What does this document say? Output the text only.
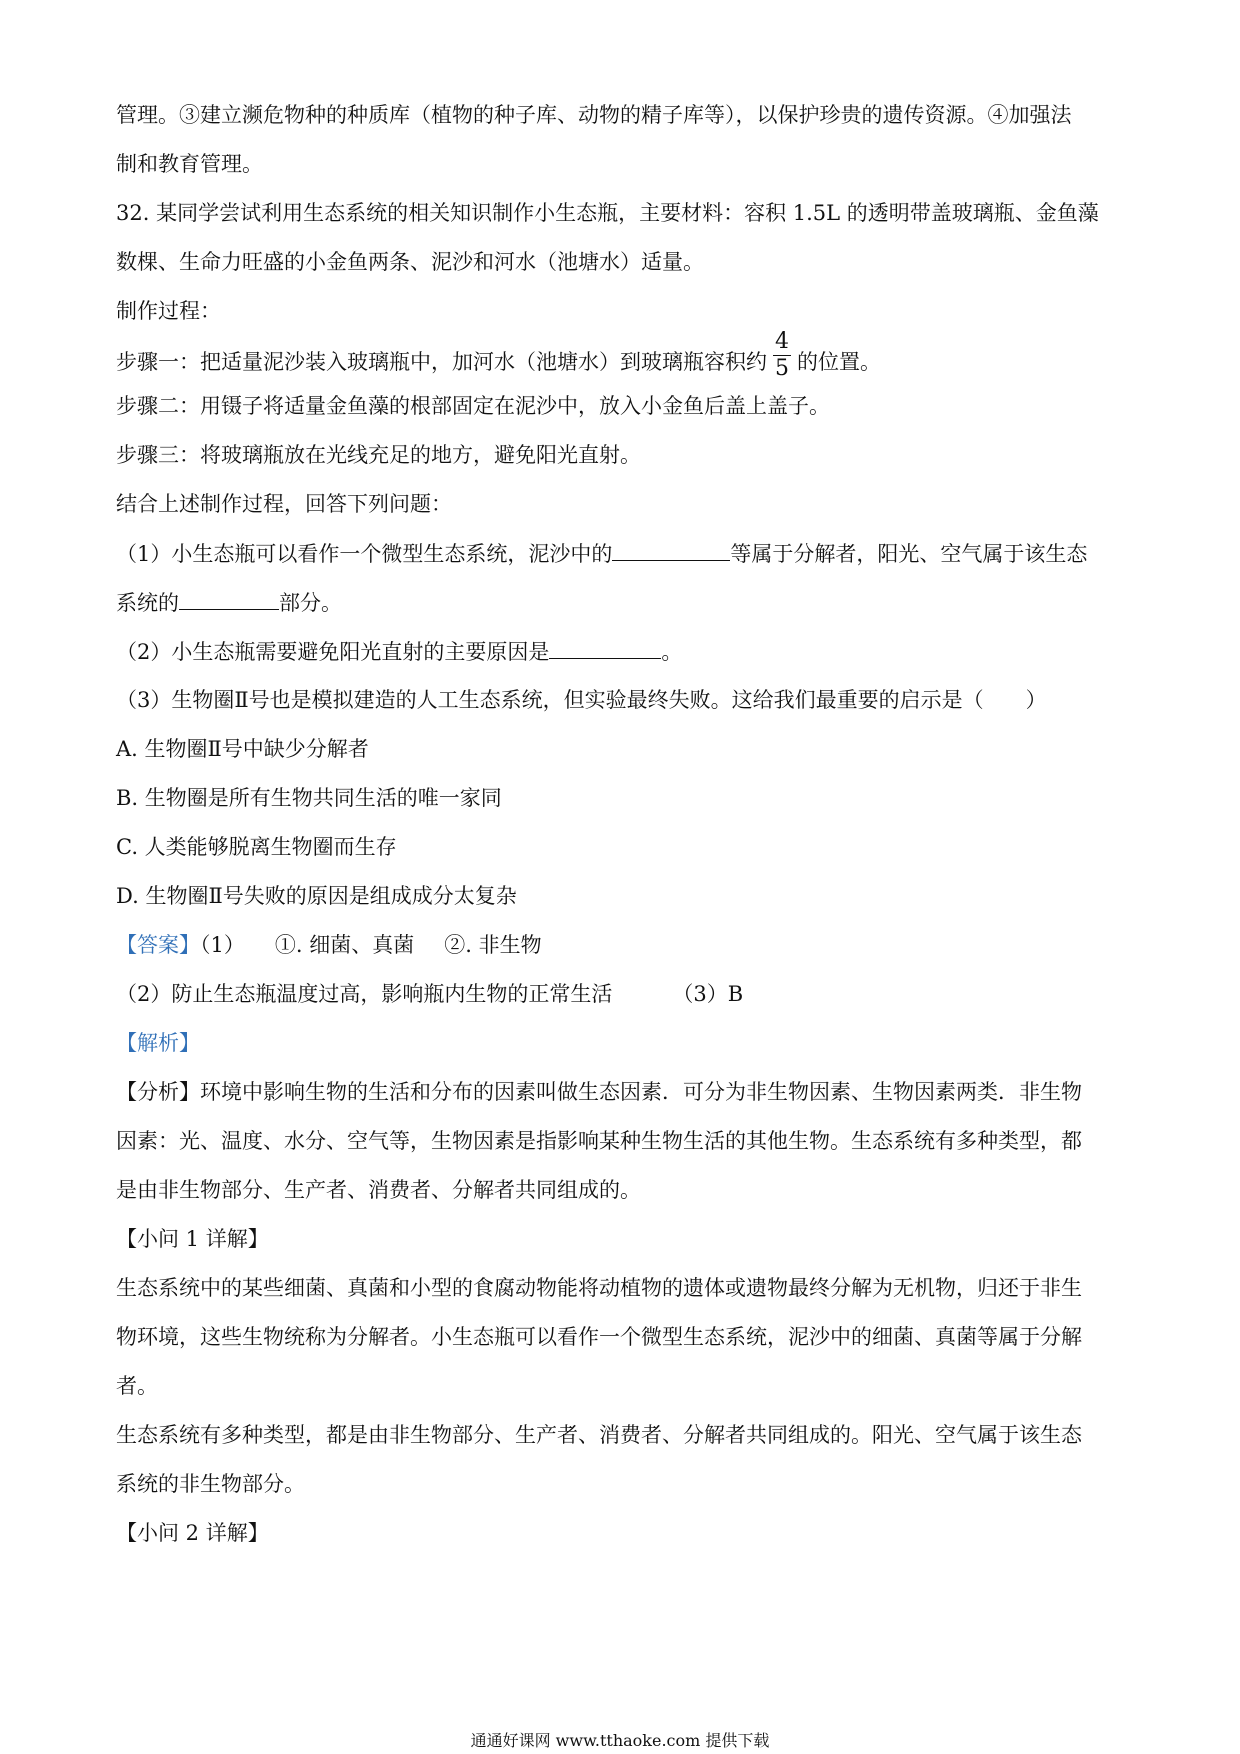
管理。③建立濒危物种的种质库（植物的种子库、动物的精子库等），以保护珍贵的遗传资源。④加强法
制和教育管理。
32. 某同学尝试利用生态系统的相关知识制作小生态瓶，主要材料：容积 1.5L 的透明带盖玻璃瓶、金鱼藻
数棵、生命力旺盛的小金鱼两条、泥沙和河水（池塘水）适量。
制作过程：
步骤一：把适量泥沙装入玻璃瓶中，加河水（池塘水）到玻璃瓶容积约 $\frac{4}{5}$ 的位置。
步骤二：用镊子将适量金鱼藻的根部固定在泥沙中，放入小金鱼后盖上盖子。
步骤三：将玻璃瓶放在光线充足的地方，避免阳光直射。
结合上述制作过程，回答下列问题：
（1）小生态瓶可以看作一个微型生态系统，泥沙中的	等属于分解者，阳光、空气属于该生态
系统的	部分。
（2）小生态瓶需要避免阳光直射的主要原因是	。
（3）生物圈Ⅱ号也是模拟建造的人工生态系统，但实验最终失败。这给我们最重要的启示是（　　）
A. 生物圈Ⅱ号中缺少分解者
B. 生物圈是所有生物共同生活的唯一家同
C. 人类能够脱离生物圈而生存
D. 生物圈Ⅱ号失败的原因是组成成分太复杂
【答案】（1） ①. 细菌、真菌 ②. 非生物
（2）防止生态瓶温度过高，影响瓶内生物的正常生活	（3）B
【解析】
【分析】环境中影响生物的生活和分布的因素叫做生态因素．可分为非生物因素、生物因素两类．非生物
因素：光、温度、水分、空气等，生物因素是指影响某种生物生活的其他生物。生态系统有多种类型，都
是由非生物部分、生产者、消费者、分解者共同组成的。
【小问 1 详解】
生态系统中的某些细菌、真菌和小型的食腐动物能将动植物的遗体或遗物最终分解为无机物，归还于非生
物环境，这些生物统称为分解者。小生态瓶可以看作一个微型生态系统，泥沙中的细菌、真菌等属于分解
者。
生态系统有多种类型，都是由非生物部分、生产者、消费者、分解者共同组成的。阳光、空气属于该生态
系统的非生物部分。
【小问 2 详解】
通通好课网 www.tthaoke.com 提供下载
